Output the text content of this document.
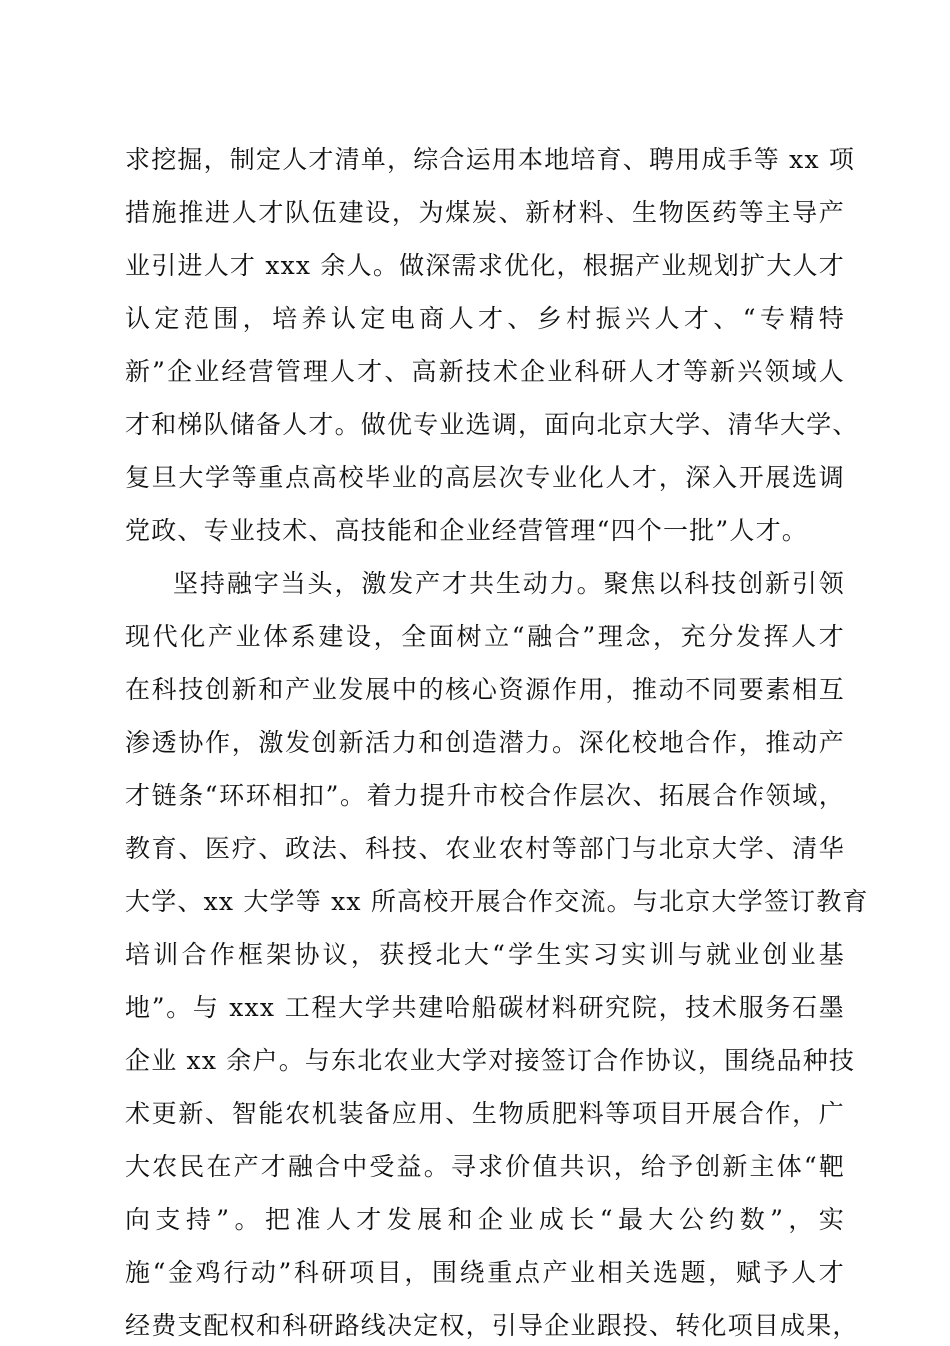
求挖掘，制定人才清单，综合运用本地培育、聘用成手等 xx 项
措施推进人才队伍建设，为煤炭、新材料、生物医药等主导产
业引进人才 xxx 余人。做深需求优化，根据产业规划扩大人才
认定范围，培养认定电商人才、乡村振兴人才、“专精特
新”企业经营管理人才、高新技术企业科研人才等新兴领域人
才和梯队储备人才。做优专业选调，面向北京大学、清华大学、
复旦大学等重点高校毕业的高层次专业化人才，深入开展选调
党政、专业技术、高技能和企业经营管理“四个一批”人才。
坚持融字当头，激发产才共生动力。聚焦以科技创新引领
现代化产业体系建设，全面树立“融合”理念，充分发挥人才
在科技创新和产业发展中的核心资源作用，推动不同要素相互
渗透协作，激发创新活力和创造潜力。深化校地合作，推动产
才链条“环环相扣”。着力提升市校合作层次、拓展合作领域，
教育、医疗、政法、科技、农业农村等部门与北京大学、清华
大学、xx 大学等 xx 所高校开展合作交流。与北京大学签订教育
培训合作框架协议，获授北大“学生实习实训与就业创业基
地”。与 xxx 工程大学共建哈船碳材料研究院，技术服务石墨
企业 xx 余户。与东北农业大学对接签订合作协议，围绕品种技
术更新、智能农机装备应用、生物质肥料等项目开展合作，广
大农民在产才融合中受益。寻求价值共识，给予创新主体“靶
向支持”。把准人才发展和企业成长“最大公约数”，实
施“金鸡行动”科研项目，围绕重点产业相关选题，赋予人才
经费支配权和科研路线决定权，引导企业跟投、转化项目成果，
